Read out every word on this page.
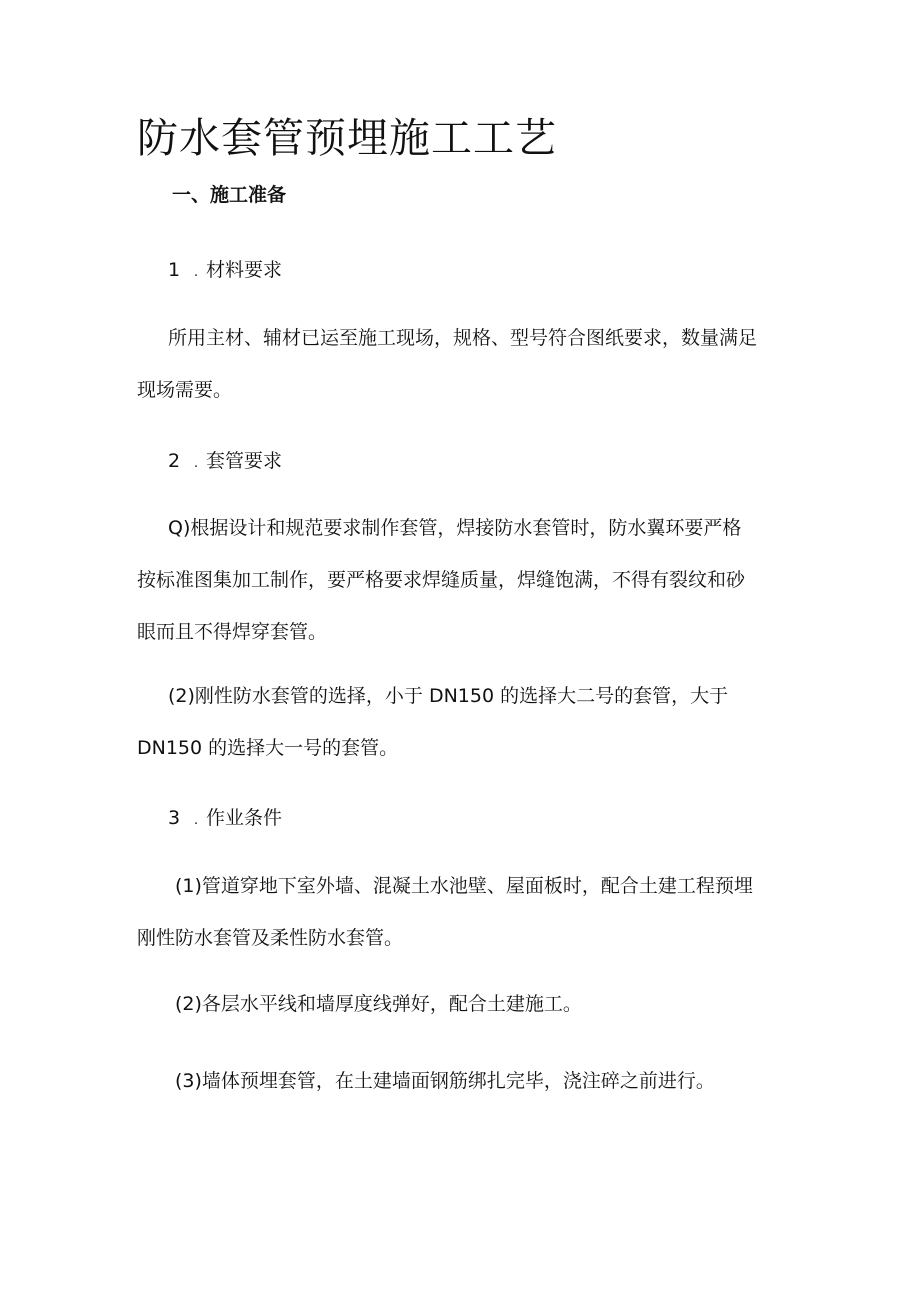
防水套管预埋施工工艺
一、施工准备
1 . 材料要求
所用主材、辅材已运至施工现场，规格、型号符合图纸要求，数量满足
现场需要。
2 . 套管要求
Q)根据设计和规范要求制作套管，焊接防水套管时，防水翼环要严格
按标准图集加工制作，要严格要求焊缝质量，焊缝饱满，不得有裂纹和砂
眼而且不得焊穿套管。
(2)刚性防水套管的选择，小于 DN150 的选择大二号的套管，大于
DN150 的选择大一号的套管。
3 . 作业条件
(1)管道穿地下室外墙、混凝土水池壁、屋面板时，配合土建工程预埋
刚性防水套管及柔性防水套管。
(2)各层水平线和墙厚度线弹好，配合土建施工。
(3)墙体预埋套管，在土建墙面钢筋绑扎完毕，浇注碎之前进行。
